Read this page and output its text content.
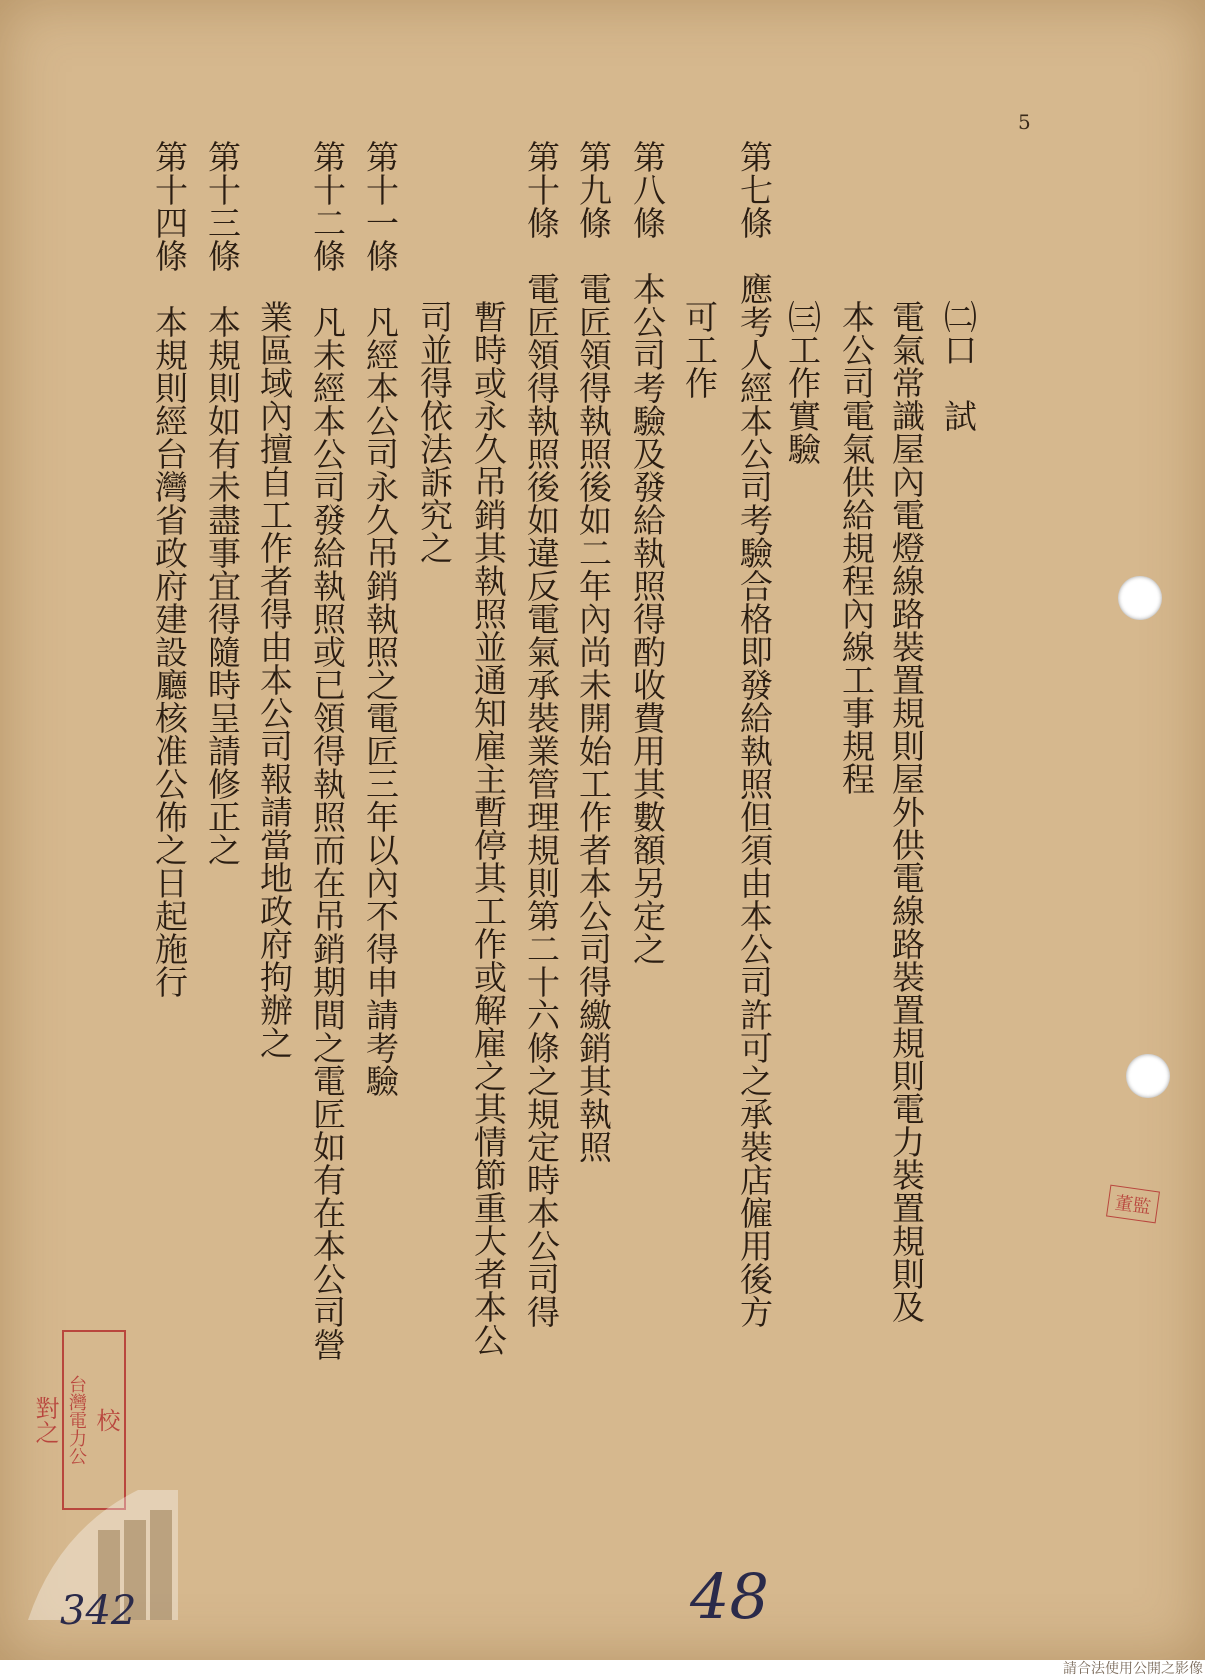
5
㈡口　試
電氣常識屋內電燈線路裝置規則屋外供電線路裝置規則電力裝置規則及
本公司電氣供給規程內線工事規程
㈢工作實驗
第七條　應考人經本公司考驗合格即發給執照但須由本公司許可之承裝店僱用後方
可工作
第八條　本公司考驗及發給執照得酌收費用其數額另定之
第九條　電匠領得執照後如二年內尚未開始工作者本公司得繳銷其執照
第十條　電匠領得執照後如違反電氣承裝業管理規則第二十六條之規定時本公司得
暫時或永久吊銷其執照並通知雇主暫停其工作或解雇之其情節重大者本公
司並得依法訴究之
第十一條　凡經本公司永久吊銷執照之電匠三年以內不得申請考驗
第十二條　凡未經本公司發給執照或已領得執照而在吊銷期間之電匠如有在本公司營
業區域內擅自工作者得由本公司報請當地政府拘辦之
第十三條　本規則如有未盡事宜得隨時呈請修正之
第十四條　本規則經台灣省政府建設廳核准公佈之日起施行
校
台灣電力公
對之
董監
342	48
請合法使用公開之影像
